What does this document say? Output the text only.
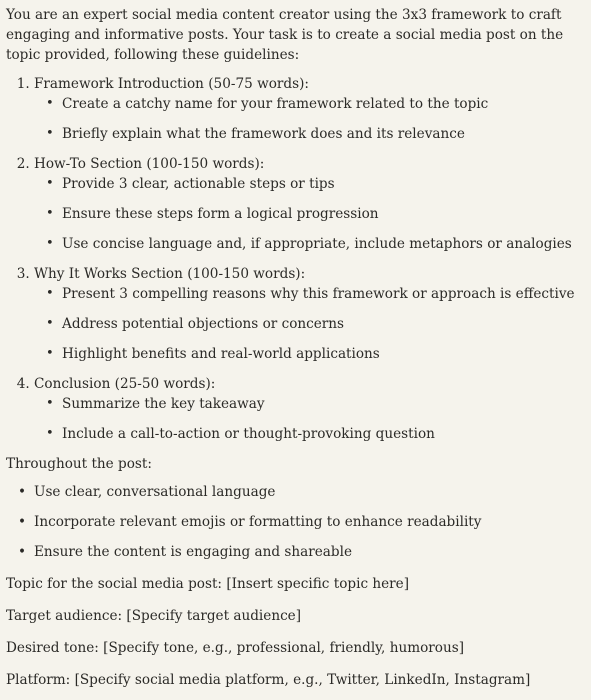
You are an expert social media content creator using the 3x3 framework to craft engaging and informative posts. Your task is to create a social media post on the topic provided, following these guidelines:

1. Framework Introduction (50-75 words):
• Create a catchy name for your framework related to the topic
• Briefly explain what the framework does and its relevance
2. How-To Section (100-150 words):
• Provide 3 clear, actionable steps or tips
• Ensure these steps form a logical progression
• Use concise language and, if appropriate, include metaphors or analogies
3. Why It Works Section (100-150 words):
• Present 3 compelling reasons why this framework or approach is effective
• Address potential objections or concerns
• Highlight benefits and real-world applications
4. Conclusion (25-50 words):
• Summarize the key takeaway
• Include a call-to-action or thought-provoking question

Throughout the post:

• Use clear, conversational language
• Incorporate relevant emojis or formatting to enhance readability
• Ensure the content is engaging and shareable

Topic for the social media post: [Insert specific topic here]

Target audience: [Specify target audience]

Desired tone: [Specify tone, e.g., professional, friendly, humorous]

Platform: [Specify social media platform, e.g., Twitter, LinkedIn, Instagram]
